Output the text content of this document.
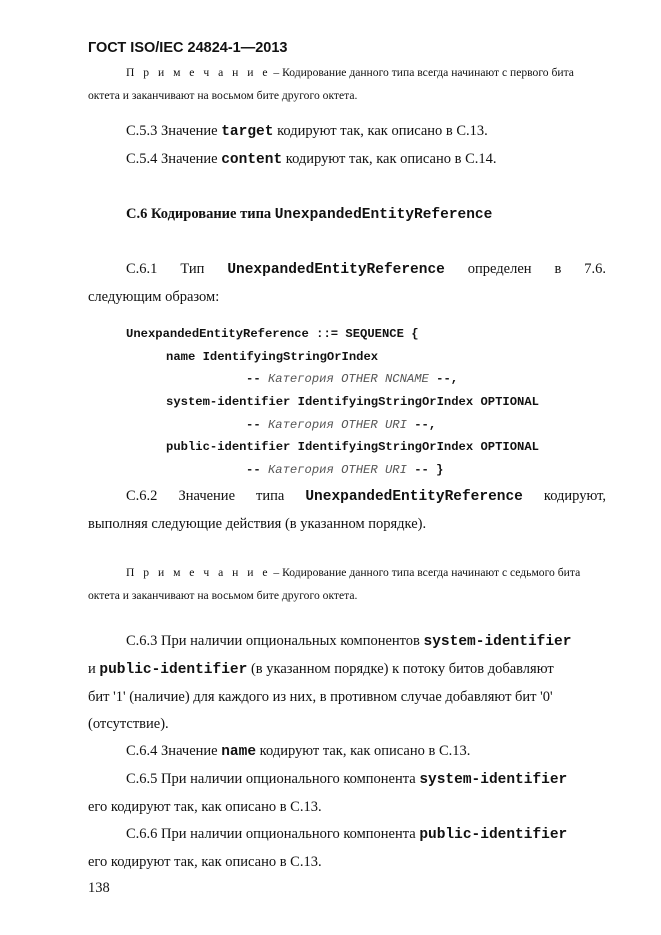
ГОСТ ISO/IEC 24824-1—2013
П р и м е ч а н и е – Кодирование данного типа всегда начинают с первого бита
октета и заканчивают на восьмом бите другого октета.
С.5.3 Значение target кодируют так, как описано в С.13.
С.5.4 Значение content кодируют так, как описано в С.14.
С.6 Кодирование типа UnexpandedEntityReference
С.6.1 Тип UnexpandedEntityReference определен в 7.6.
следующим образом:
UnexpandedEntityReference ::= SEQUENCE {
name IdentifyingStringOrIndex
-- Категория OTHER NCNAME --,
system-identifier IdentifyingStringOrIndex OPTIONAL
-- Категория OTHER URI --,
public-identifier IdentifyingStringOrIndex OPTIONAL
-- Категория OTHER URI -- }
С.6.2 Значение типа UnexpandedEntityReference кодируют,
выполняя следующие действия (в указанном порядке).
П р и м е ч а н и е – Кодирование данного типа всегда начинают с седьмого бита
октета и заканчивают на восьмом бите другого октета.
С.6.3 При наличии опциональных компонентов system-identifier
и public-identifier (в указанном порядке) к потоку битов добавляют
бит '1' (наличие) для каждого из них, в противном случае добавляют бит '0'
(отсутствие).
С.6.4 Значение name кодируют так, как описано в С.13.
С.6.5 При наличии опционального компонента system-identifier
его кодируют так, как описано в С.13.
С.6.6 При наличии опционального компонента public-identifier
его кодируют так, как описано в С.13.
138
